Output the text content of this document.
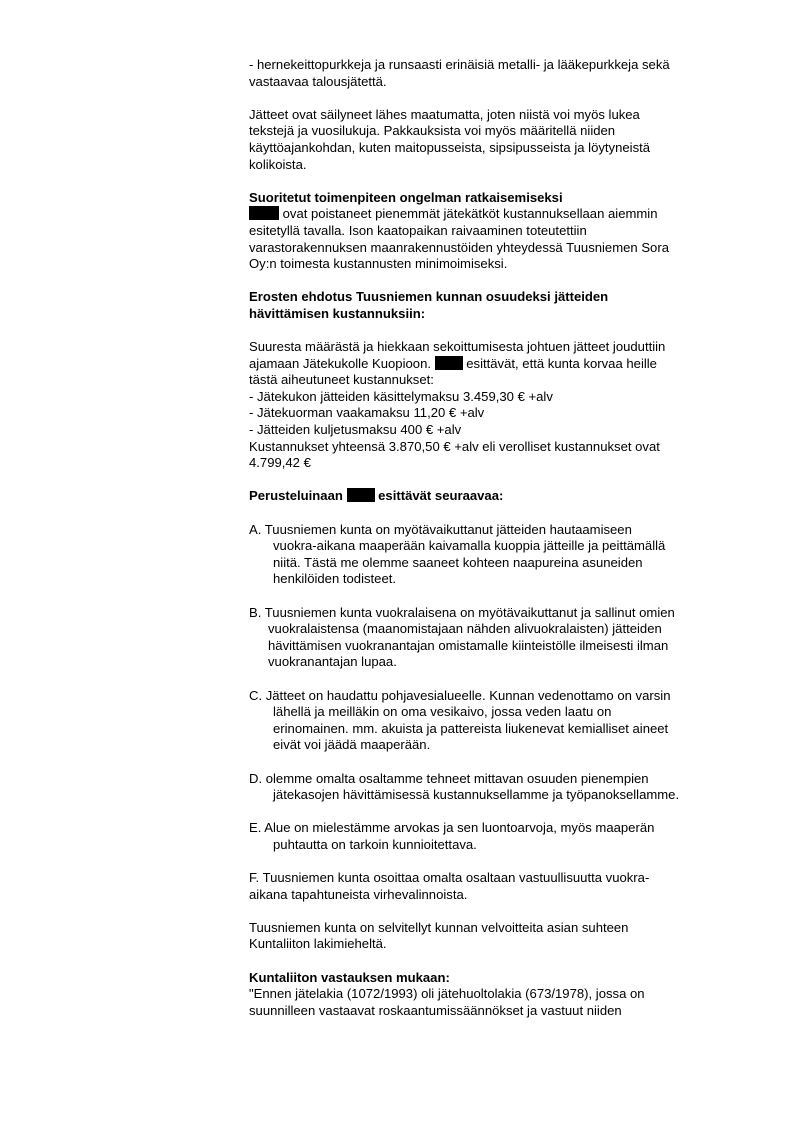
- hernekeittopurkkeja ja runsaasti erinäisiä metalli- ja lääkepurkkeja sekä
vastaavaa talousjätettä.
Jätteet ovat säilyneet lähes maatumatta, joten niistä voi myös lukea
tekstejä ja vuosilukuja. Pakkauksista voi myös määritellä niiden
käyttöajankohdan, kuten maitopusseista, sipsipusseista ja löytyneistä
kolikoista.
Suoritetut toimenpiteen ongelman ratkaisemiseksi
ovat poistaneet pienemmät jätekätköt kustannuksellaan aiemmin
esitetyllä tavalla. Ison kaatopaikan raivaaminen toteutettiin
varastorakennuksen maanrakennustöiden yhteydessä Tuusniemen Sora
Oy:n toimesta kustannusten minimoimiseksi.
Erosten ehdotus Tuusniemen kunnan osuudeksi jätteiden
hävittämisen kustannuksiin:
Suuresta määrästä ja hiekkaan sekoittumisesta johtuen jätteet jouduttiin
ajamaan Jätekukolle Kuopioon.  esittävät, että kunta korvaa heille
tästä aiheutuneet kustannukset:
- Jätekukon jätteiden käsittelymaksu 3.459,30 € +alv
- Jätekuorman vaakamaksu 11,20 € +alv
- Jätteiden kuljetusmaksu 400 € +alv
Kustannukset yhteensä 3.870,50 € +alv eli verolliset kustannukset ovat
4.799,42 €
Perusteluinaan  esittävät seuraavaa:
A. Tuusniemen kunta on myötävaikuttanut jätteiden hautaamiseen
vuokra-aikana maaperään kaivamalla kuoppia jätteille ja peittämällä
niitä. Tästä me olemme saaneet kohteen naapureina asuneiden
henkilöiden todisteet.
B. Tuusniemen kunta vuokralaisena on myötävaikuttanut ja sallinut omien
vuokralaistensa (maanomistajaan nähden alivuokralaisten) jätteiden
hävittämisen vuokranantajan omistamalle kiinteistölle ilmeisesti ilman
vuokranantajan lupaa.
C. Jätteet on haudattu pohjavesialueelle. Kunnan vedenottamo on varsin
lähellä ja meilläkin on oma vesikaivo, jossa veden laatu on
erinomainen. mm. akuista ja pattereista liukenevat kemialliset aineet
eivät voi jäädä maaperään.
D. olemme omalta osaltamme tehneet mittavan osuuden pienempien
jätekasojen hävittämisessä kustannuksellamme ja työpanoksellamme.
E. Alue on mielestämme arvokas ja sen luontoarvoja, myös maaperän
puhtautta on tarkoin kunnioitettava.
F. Tuusniemen kunta osoittaa omalta osaltaan vastuullisuutta vuokra-
aikana tapahtuneista virhevalinnoista.
Tuusniemen kunta on selvitellyt kunnan velvoitteita asian suhteen
Kuntaliiton lakimieheltä.
Kuntaliiton vastauksen mukaan:
"Ennen jätelakia (1072/1993) oli jätehuoltolakia (673/1978), jossa on
suunnilleen vastaavat roskaantumissäännökset ja vastuut niiden
